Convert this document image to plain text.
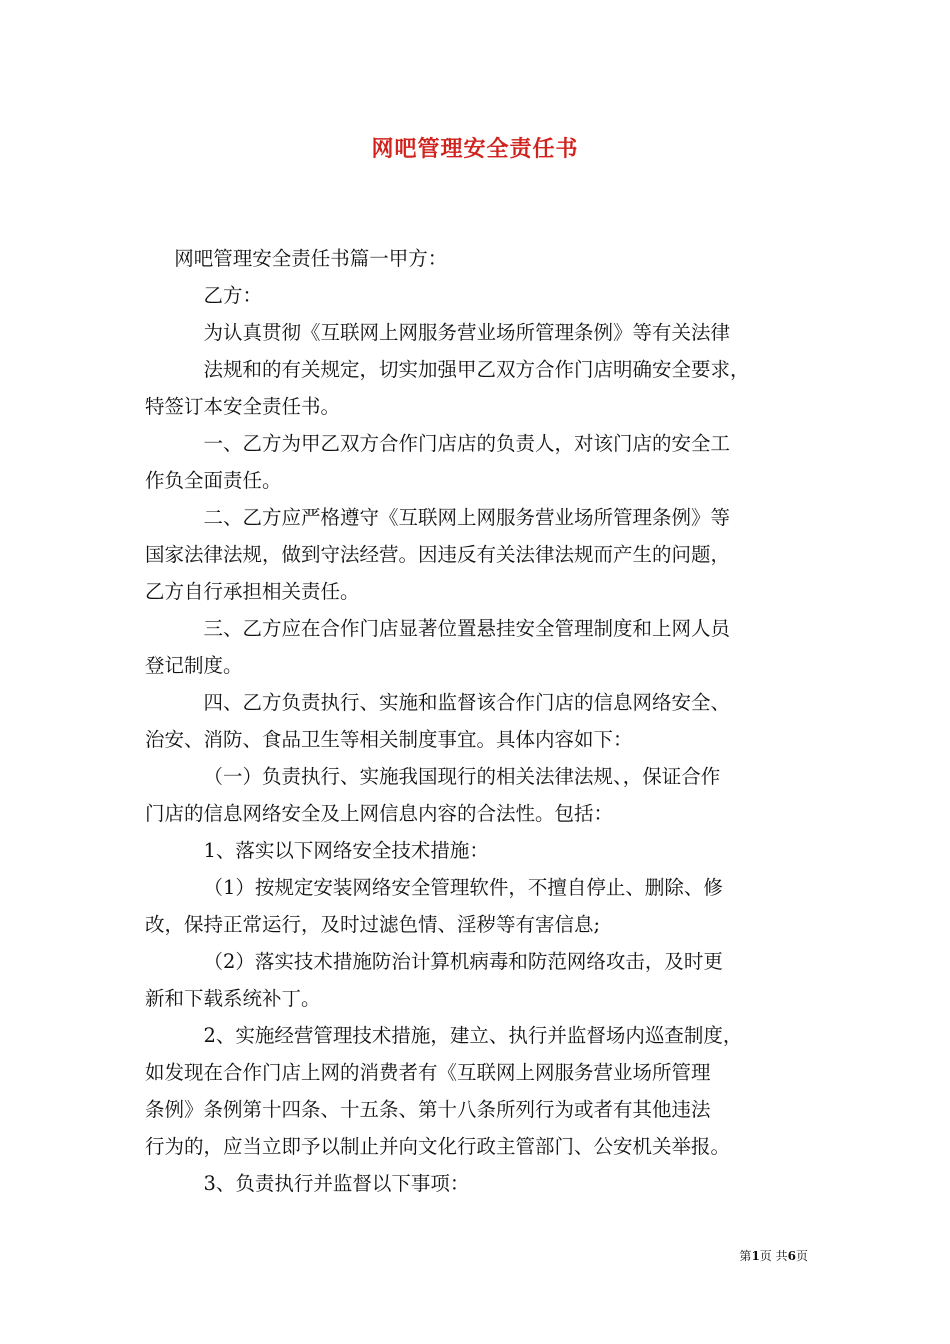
网吧管理安全责任书
网吧管理安全责任书篇一甲方：
乙方：
为认真贯彻《互联网上网服务营业场所管理条例》等有关法律
法规和的有关规定，切实加强甲乙双方合作门店明确安全要求，
特签订本安全责任书。
一、乙方为甲乙双方合作门店店的负责人，对该门店的安全工
作负全面责任。
二、乙方应严格遵守《互联网上网服务营业场所管理条例》等
国家法律法规，做到守法经营。因违反有关法律法规而产生的问题，
乙方自行承担相关责任。
三、乙方应在合作门店显著位置悬挂安全管理制度和上网人员
登记制度。
四、乙方负责执行、实施和监督该合作门店的信息网络安全、
治安、消防、食品卫生等相关制度事宜。具体内容如下：
（一）负责执行、实施我国现行的相关法律法规、，保证合作
门店的信息网络安全及上网信息内容的合法性。包括：
1、落实以下网络安全技术措施：
（1）按规定安装网络安全管理软件，不擅自停止、删除、修
改，保持正常运行，及时过滤色情、淫秽等有害信息;
（2）落实技术措施防治计算机病毒和防范网络攻击，及时更
新和下载系统补丁。
2、实施经营管理技术措施，建立、执行并监督场内巡查制度，
如发现在合作门店上网的消费者有《互联网上网服务营业场所管理
条例》条例第十四条、十五条、第十八条所列行为或者有其他违法
行为的，应当立即予以制止并向文化行政主管部门、公安机关举报。
3、负责执行并监督以下事项：
第1页 共6页
